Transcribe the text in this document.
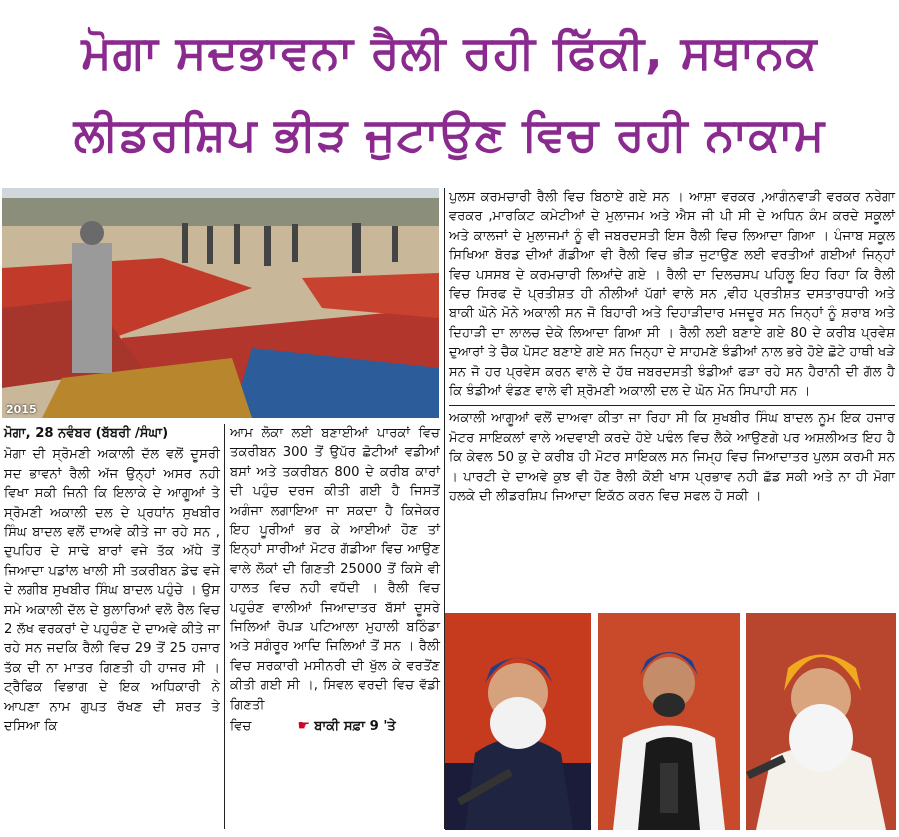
ਮੋਗਾ ਸਦਭਾਵਨਾ ਰੈਲੀ ਰਹੀ ਫਿੱਕੀ, ਸਥਾਨਕ
ਲੀਡਰਸ਼ਿਪ ਭੀੜ ਜੁਟਾਉਣ ਵਿਚ ਰਹੀ ਨਾਕਾਮ
2015

ਮੋਗਾ, 28 ਨਵੰਬਰ (ਬੱਬਰੀ /ਸੰਘਾ)

ਮੋਗਾ ਦੀ ਸ੍ਰੋਮਣੀ ਅਕਾਲੀ ਦੱਲ ਵਲੋਂ ਦੂਸਰੀ ਸਦ ਭਾਵਨਾਂ ਰੈਲੀ ਅੱਜ ਉਨ੍ਹਾਂ ਅਸਰ ਨਹੀ ਵਿਖਾ ਸਕੀ ਜਿਨੀ ਕਿ ਇਲਾਕੇ ਦੇ ਆਗੂਆਂ ਤੇ ਸ੍ਰੋਮਣੀ ਅਕਾਲੀ ਦਲ ਦੇ ਪ੍ਰਧਾਂਨ ਸੁਖਬੀਰ ਸਿੰਘ ਬਾਦਲ ਵਲੋਂ ਦਾਅਵੇ ਕੀਤੇ ਜਾ ਰਹੇ ਸਨ , ਦੁਪਹਿਰ ਦੇ ਸਾਢੇ ਬਾਰਾਂ ਵਜੇ ਤੱਕ ਅੱਧੇ ਤੋਂ ਜਿਆਦਾ ਪਡਾਂਲ ਖਾਲੀ ਸੀ ਤਕਰੀਬਨ ਡੇਢ ਵਜੇ ਦੇ ਲਗੀਬ ਸੁਖਬੀਰ ਸਿੰਘ ਬਾਦਲ ਪਹੁੰਚੇ । ਉਸ ਸਮੇ ਅਕਾਲੀ ਦੱਲ ਦੇ ਬੁਲਾਰਿਆਂ ਵਲੋ ਰੈਲ ਵਿਚ 2 ਲੱਖ ਵਰਕਰਾਂ ਦੇ ਪਹੁਚੰਣ ਦੇ ਦਾਅਵੇ ਕੀਤੇ ਜਾ ਰਹੇ ਸਨ ਜਦਕਿ ਰੈਲੀ ਵਿਚ 29 ਤੋਂ 25 ਹਜਾਰ ਤੱਕ ਦੀ ਨਾ ਮਾਤਰ ਗਿਣਤੀ ਹੀ ਹਾਜਰ ਸੀ । ਟ੍ਰੈਫਿਕ ਵਿਭਾਗ ਦੇ ਇਕ ਅਧਿਕਾਰੀ ਨੇ ਆਪਣਾ ਨਾਮ ਗੁਪਤ ਰੱਖਣ ਦੀ ਸ਼ਰਤ ਤੇ ਦਸਿਆ ਕਿ

ਆਮ ਲੋਕਾ ਲਈ ਬਣਾਈਆਂ ਪਾਰਕਾਂ ਵਿਚ ਤਕਰੀਬਨ 300 ਤੋਂ ਉਪੱਰ ਛੋਟੀਆਂ ਵਡੀਆਂ ਬਸਾਂ ਅਤੇ ਤਕਰੀਬਨ 800 ਦੇ ਕਰੀਬ ਕਾਰਾਂ ਦੀ ਪਹੁੰਚ ਦਰਜ ਕੀਤੀ ਗਈ ਹੈ ਜਿਸਤੋਂ ਅਗੰਜਾ ਲਗਾਇਆ ਜਾ ਸਕਦਾ ਹੈ ਕਿਜੇਕਰ ਇਹ ਪੂਰੀਆਂ ਭਰ ਕੇ ਆਈਆਂ ਹੋਣ ਤਾਂ ਇਨ੍ਹਾਂ ਸਾਰੀਆਂ ਮੋਟਰ ਗੱਡੀਆ ਵਿਚ ਆਉਣ ਵਾਲੇ ਲੋਕਾਂ ਦੀ ਗਿਣਤੀ 25000 ਤੋਂ ਕਿਸੇ ਵੀ ਹਾਲਤ ਵਿਚ ਨਹੀ ਵਧੱਦੀ । ਰੈਲੀ ਵਿਚ ਪਹੁਚੰਣ ਵਾਲੀਆਂ ਜਿਆਦਾਤਰ ਬੱਸਾਂ ਦੂਸਰੇ ਜਿਲਿਆਂ ਰੋਪੜ ਪਟਿਆਲਾ ਮੁਹਾਲੀ ਬਠਿੰਡਾ ਅਤੇ ਸਗੰਰੂਰ ਆਦਿ ਜਿਲਿਆਂ ਤੋਂ ਸਨ । ਰੈਲੀ ਵਿਚ ਸਰਕਾਰੀ ਮਸੀਨਰੀ ਦੀ ਖੁੱਲ ਕੇ ਵਰਤੋਂਣ ਕੀਤੀ ਗਈ ਸੀ ।, ਸਿਵਲ ਵਰਦੀ ਵਿਚ ਵੱਡੀ ਗਿਣਤੀ

ਵਿਚ	☛ ਬਾਕੀ ਸਫ਼ਾ 9 'ਤੇ

ਪੁਲਸ ਕਰਮਚਾਰੀ ਰੈਲੀ ਵਿਚ ਬਿਠਾਏ ਗਏ ਸਨ । ਆਸ਼ਾ ਵਰਕਰ ,ਆਗੰਨਵਾੜੀ ਵਰਕਰ ਨਰੇਗਾ ਵਰਕਰ ,ਮਾਰਕਿਟ ਕਮੇਟੀਆਂ ਦੇ ਮੁਲਾਜਮ ਅਤੇ ਐਸ ਜੀ ਪੀ ਸੀ ਦੇ ਅਧਿਨ ਕੰਮ ਕਰਦੇ ਸਕੂਲਾਂ ਅਤੇ ਕਾਲਜਾਂ ਦੇ ਮੁਲਾਜਮਾਂ ਨੂੰ ਵੀ ਜਬਰਦਸਤੀ ਇਸ ਰੈਲੀ ਵਿਚ ਲਿਆਦਾ ਗਿਆ । ਪੰਜਾਬ ਸਕੂਲ ਸਿਖਿਆ ਬੋਰਡ ਦੀਆਂ ਗੱਡੀਆ ਵੀ ਰੈਲੀ ਵਿਚ ਭੀੜ ਜੁਟਾਉਣ ਲਈ ਵਰਤੀਆਂ ਗਈਆਂ ਜਿਨ੍ਹਾਂ ਵਿਚ ਪਸਸਬ ਦੇ ਕਰਮਚਾਰੀ ਲਿਆਂਦੇ ਗਏ । ਰੈਲੀ ਦਾ ਦਿਲਚਸਪ ਪਹਿਲੂ ਇਹ ਰਿਹਾ ਕਿ ਰੈਲੀ ਵਿਚ ਸਿਰਫ ਦੋ ਪ੍ਰਤੀਸ਼ਤ ਹੀ ਨੀਲੀਆਂ ਪੱਗਾਂ ਵਾਲੇ ਸਨ ,ਵੀਹ ਪ੍ਰਤੀਸ਼ਤ ਦਸਤਾਰਧਾਰੀ ਅਤੇ ਬਾਕੀ ਘੋਨੇ ਮੋਨੇ ਅਕਾਲੀ ਸਨ ਜੋ ਬਿਹਾਰੀ ਅਤੇ ਦਿਹਾੜੀਦਾਰ ਮਜਦੂਰ ਸਨ ਜਿਨ੍ਹਾਂ ਨੂੰ ਸ਼ਰਾਬ ਅਤੇ ਦਿਹਾੜੀ ਦਾ ਲਾਲਚ ਦੇਕੇ ਲਿਆਦਾ ਗਿਆ ਸੀ । ਰੈਲੀ ਲਈ ਬਣਾਏ ਗਏ 80 ਦੇ ਕਰੀਬ ਪ੍ਰਵੇਸ਼ ਦੁਆਰਾਂ ਤੇ ਚੈਕ ਪੋਸਟ ਬਣਾਏ ਗਏ ਸਨ ਜਿਨ੍ਹਾ ਦੇ ਸਾਹਮਣੇ ਝੰਡੀਆਂ ਨਾਲ ਭਰੇ ਹੋਏ ਛੋਟੇ ਹਾਥੀ ਖੜੇ ਸਨ ਜੋ ਹਰ ਪ੍ਰਵੇਸ ਕਰਨ ਵਾਲੇ ਦੇ ਹੱਥ ਜਬਰਦਸਤੀ ਝੰਡੀਆਂ ਫੜਾ ਰਹੇ ਸਨ ਹੈਰਾਨੀ ਦੀ ਗੱਲ ਹੈ ਕਿ ਝੰਡੀਆਂ ਵੰਡਣ ਵਾਲੇ ਵੀ ਸ਼੍ਰੋਮਣੀ ਅਕਾਲੀ ਦਲ ਦੇ ਘੋਨ ਮੋਨ ਸਿਪਾਹੀ ਸਨ ।

ਅਕਾਲੀ ਆਗੂਆਂ ਵਲੋਂ ਦਾਅਵਾ ਕੀਤਾ ਜਾ ਰਿਹਾ ਸੀ ਕਿ ਸੁਖਬੀਰ ਸਿੰਘ ਬਾਦਲ ਨੂਮ ਇਕ ਹਜਾਰ ਮੋਟਰ ਸਾਇਕਲਾਂ ਵਾਲੇ ਅਦਵਾਈ ਕਰਦੇ ਹੋਏ ਪਢੰਲ ਵਿਚ ਲੈਕੇ ਆਉਣਗੇ ਪਰ ਅਸ਼ਲੀਅਤ ਇਹ ਹੈ ਕਿ ਕੇਵਲ 50 ਕੁ ਦੇ ਕਰੀਬ ਹੀ ਮੋਟਰ ਸਾਇਕਲ ਸਨ ਜਿਮ੍ਹ ਵਿਚ ਜਿਆਦਾਤਰ ਪੁਲਸ ਕਰਮੀ ਸਨ । ਪਾਰਟੀ ਦੇ ਦਾਅਵੇ ਕੁਝ ਵੀ ਹੋਣ ਰੈਲੀ ਕੋਈ ਖਾਸ ਪ੍ਰਭਾਵ ਨਹੀ ਛੱਡ ਸਕੀ ਅਤੇ ਨਾ ਹੀ ਮੋਗਾ ਹਲਕੇ ਦੀ ਲੀਡਰਸ਼ਿਪ ਜਿਆਦਾ ਇਕੱਠ ਕਰਨ ਵਿਚ ਸਫਲ ਹੋ ਸਕੀ ।
